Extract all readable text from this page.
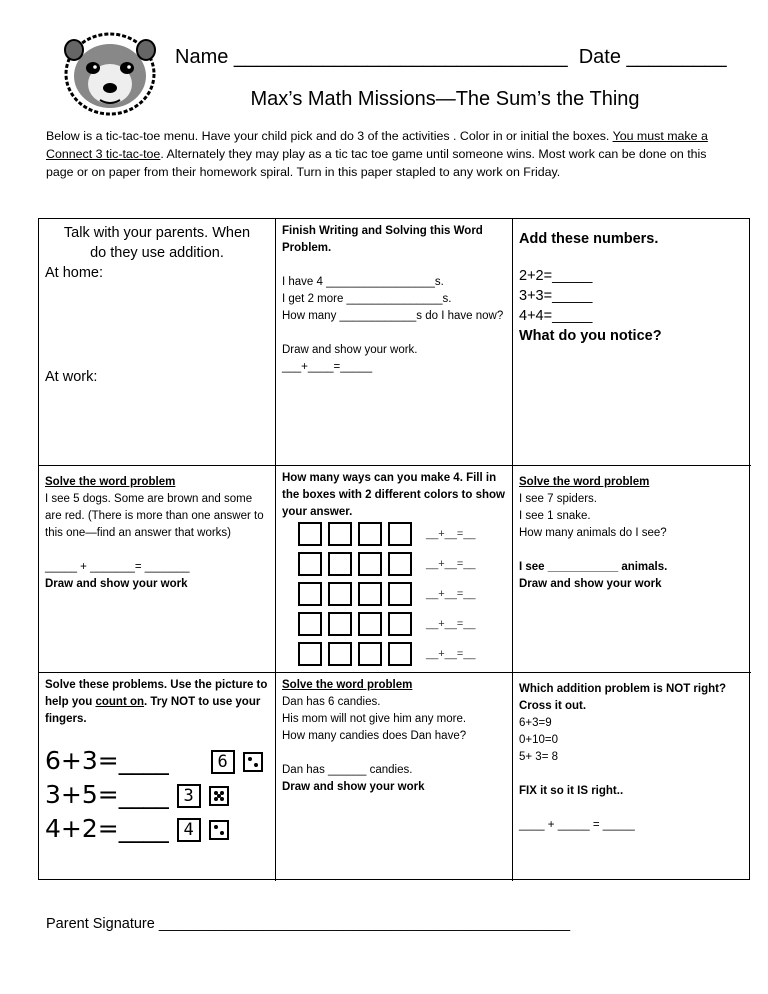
Name ______________________________  Date _________
Max’s Math Missions—The Sum’s the Thing
Below is a tic-tac-toe menu. Have your child pick and do 3 of the activities . Color in or initial the boxes. You must make a Connect 3 tic-tac-toe. Alternately they may play as a tic tac toe game until someone wins. Most work can be done on this page or on paper from their homework spiral. Turn in this paper stapled to any work on Friday.
Talk with your parents. When
do they use addition.
At home:
At work:
Finish Writing and Solving this Word Problem.
I have 4 _________________s.
I get 2 more _______________s.
How many ____________s do I have now?
Draw and show your work.
___+____=_____
Add these numbers.
2+2=_____
3+3=_____
4+4=_____
What do you notice?
Solve the word problem
I see 5 dogs. Some are brown and some are red. (There is more than one answer to this one—find an answer that works)
_____ + _______= _______
Draw and show your work
How many ways can you make 4. Fill in the boxes with 2 different colors to show your answer.
__+__=__
__+__=__
__+__=__
__+__=__
__+__=__
Solve the word problem
I see 7 spiders.
I see 1 snake.
How many animals do I see?
I see ___________ animals.
Draw and show your work
Solve these problems. Use the picture to help you count on. Try NOT to use your fingers.
6+3=____	6
3+5=____ 3
4+2=____ 4
Solve the word problem
Dan has 6 candies.
His mom will not give him any more.
How many candies does Dan have?
Dan has ______ candies.
Draw and show your work
Which addition problem is NOT right? Cross it out.
6+3=9
0+10=0
5+ 3= 8
FIX it so it IS right..
____ + _____ = _____
Parent Signature ___________________________________________________
